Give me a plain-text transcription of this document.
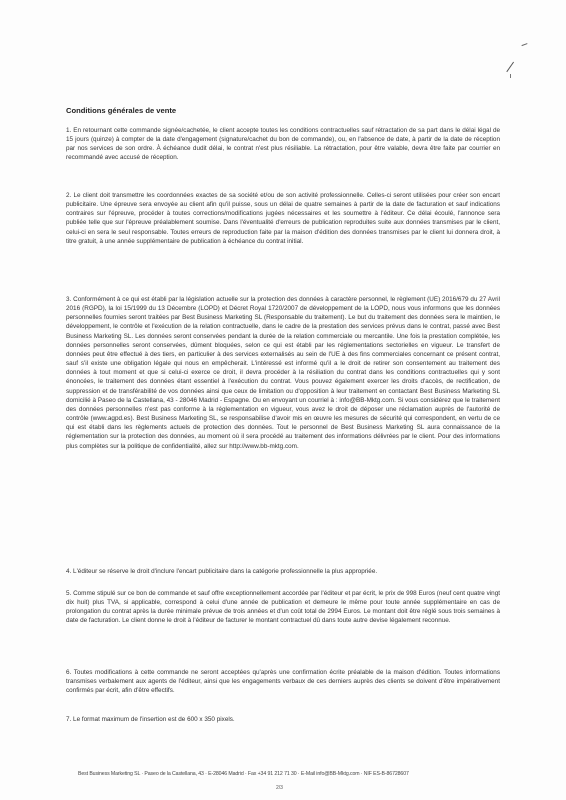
Conditions générales de vente
1. En retournant cette commande signée/cachetée, le client accepte toutes les conditions contractuelles sauf rétractation de sa part dans le délai légal de 15 jours (quinze) à compter de la date d'engagement (signature/cachet du bon de commande), ou, en l'absence de date, à partir de la date de réception par nos services de son ordre. À échéance dudit délai, le contrat n'est plus résiliable. La rétractation, pour être valable, devra être faite par courrier en recommandé avec accusé de réception.
2. Le client doit transmettre les coordonnées exactes de sa société et/ou de son activité professionnelle. Celles-ci seront utilisées pour créer son encart publicitaire. Une épreuve sera envoyée au client afin qu'il puisse, sous un délai de quatre semaines à partir de la date de facturation et sauf indications contraires sur l'épreuve, procéder à toutes corrections/modifications jugées nécessaires et les soumettre à l'éditeur. Ce délai écoulé, l'annonce sera publiée telle que sur l'épreuve préalablement soumise. Dans l'éventualité d'erreurs de publication reproduites suite aux données transmises par le client, celui-ci en sera le seul responsable. Toutes erreurs de reproduction faite par la maison d'édition des données transmises par le client lui donnera droit, à titre gratuit, à une année supplémentaire de publication à échéance du contrat initial.
3. Conformément à ce qui est établi par la législation actuelle sur la protection des données à caractère personnel, le règlement (UE) 2016/679 du 27 Avril 2016 (RGPD), la loi 15/1999 du 13 Décembre (LOPD) et Décret Royal 1720/2007 de développement de la LOPD, nous vous informons que les données personnelles fournies seront traitées par Best Business Marketing SL (Responsable du traitement). Le but du traitement des données sera le maintien, le développement, le contrôle et l'exécution de la relation contractuelle, dans le cadre de la prestation des services prévus dans le contrat, passé avec Best Business Marketing SL. Les données seront conservées pendant la durée de la relation commerciale ou mercantile. Une fois la prestation complétée, les données personnelles seront conservées, dûment bloquées, selon ce qui est établi par les réglementations sectorielles en vigueur. Le transfert de données peut être effectué à des tiers, en particulier à des services externalisés au sein de l'UE à des fins commerciales concernant ce présent contrat, sauf s'il existe une obligation légale qui nous en empêcherait. L'intéressé est informé qu'il a le droit de retirer son consentement au traitement des données à tout moment et que si celui-ci exerce ce droit, il devra procéder à la résiliation du contrat dans les conditions contractuelles qui y sont énoncées, le traitement des données étant essentiel à l'exécution du contrat. Vous pouvez également exercer les droits d'accès, de rectification, de suppression et de transférabilité de vos données ainsi que ceux de limitation ou d'opposition à leur traitement en contactant Best Business Marketing SL domicilié à Paseo de la Castellana, 43 - 28046 Madrid - Espagne. Ou en envoyant un courriel à : info@BB-Mktg.com. Si vous considérez que le traitement des données personnelles n'est pas conforme à la réglementation en vigueur, vous avez le droit de déposer une réclamation auprès de l'autorité de contrôle (www.agpd.es). Best Business Marketing SL, se responsabilise d'avoir mis en œuvre les mesures de sécurité qui correspondent, en vertu de ce qui est établi dans les règlements actuels de protection des données. Tout le personnel de Best Business Marketing SL aura connaissance de la réglementation sur la protection des données, au moment où il sera procédé au traitement des informations délivrées par le client. Pour des informations plus complètes sur la politique de confidentialité, allez sur http://www.bb-mktg.com.
4. L'éditeur se réserve le droit d'inclure l'encart publicitaire dans la catégorie professionnelle la plus appropriée.
5. Comme stipulé sur ce bon de commande et sauf offre exceptionnellement accordée par l'éditeur et par écrit, le prix de 998 Euros (neuf cent quatre vingt dix huit) plus TVA, si applicable, correspond à celui d'une année de publication et demeure le même pour toute année supplémentaire en cas de prolongation du contrat après la durée minimale prévue de trois années et d'un coût total de 2994 Euros. Le montant doit être réglé sous trois semaines à date de facturation. Le client donne le droit à l'éditeur de facturer le montant contractuel dû dans toute autre devise légalement reconnue.
6. Toutes modifications à cette commande ne seront acceptées qu'après une confirmation écrite préalable de la maison d'édition. Toutes informations transmises verbalement aux agents de l'éditeur, ainsi que les engagements verbaux de ces derniers auprès des clients se doivent d'être impérativement confirmés par écrit, afin d'être effectifs.
7. Le format maximum de l'insertion est de 600 x 350 pixels.
Best Business Marketing SL · Paseo de la Castellana, 43 · E-28046 Madrid · Fax +34 91 212 71 30 · E-Mail info@BB-Mktg.com · NIF ES-B-86728607
2/3
